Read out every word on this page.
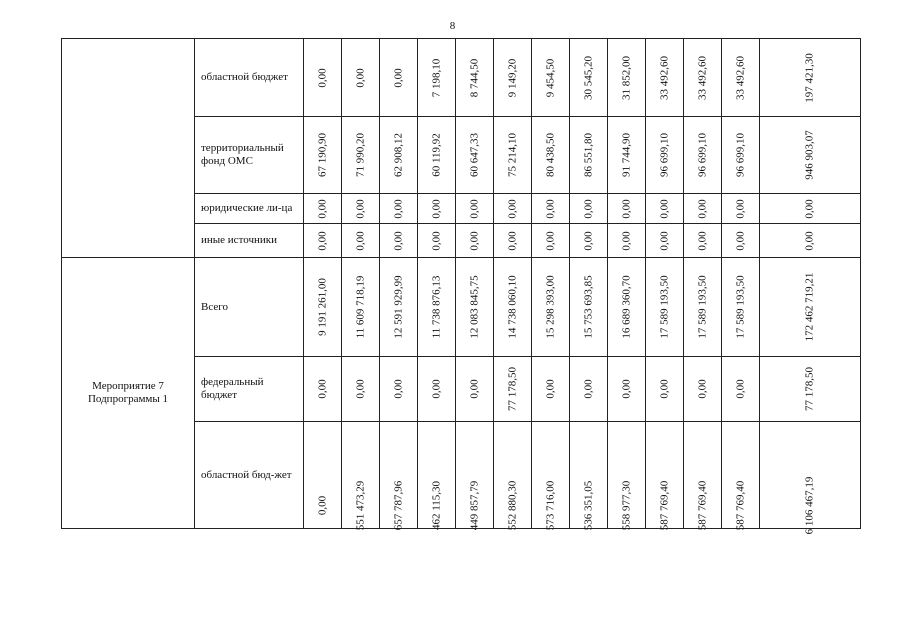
8
	областной бюджет	0,00	0,00	0,00	7 198,10	8 744,50	9 149,20	9 454,50	30 545,20	31 852,00	33 492,60	33 492,60	33 492,60	197 421,30

	территориальный фонд ОМС	67 190,90	71 990,20	62 908,12	60 119,92	60 647,33	75 214,10	80 438,50	86 551,80	91 744,90	96 699,10	96 699,10	96 699,10	946 903,07

	юридические ли-ца	0,00	0,00	0,00	0,00	0,00	0,00	0,00	0,00	0,00	0,00	0,00	0,00	0,00

	иные источники	0,00	0,00	0,00	0,00	0,00	0,00	0,00	0,00	0,00	0,00	0,00	0,00	0,00

Мероприятие 7 Подпрограммы 1	Всего	9 191 261,00	11 609 718,19	12 591 929,99	11 738 876,13	12 083 845,75	14 738 060,10	15 298 393,00	15 753 693,85	16 689 360,70	17 589 193,50	17 589 193,50	17 589 193,50	172 462 719,21

	федеральный бюджет	0,00	0,00	0,00	0,00	0,00	77 178,50	0,00	0,00	0,00	0,00	0,00	0,00	77 178,50

	областной бюд-жет	0,00	551 473,29	657 787,96	462 115,30	449 857,79	552 880,30	573 716,00	536 351,05	558 977,30	587 769,40	587 769,40	587 769,40	6 106 467,19
